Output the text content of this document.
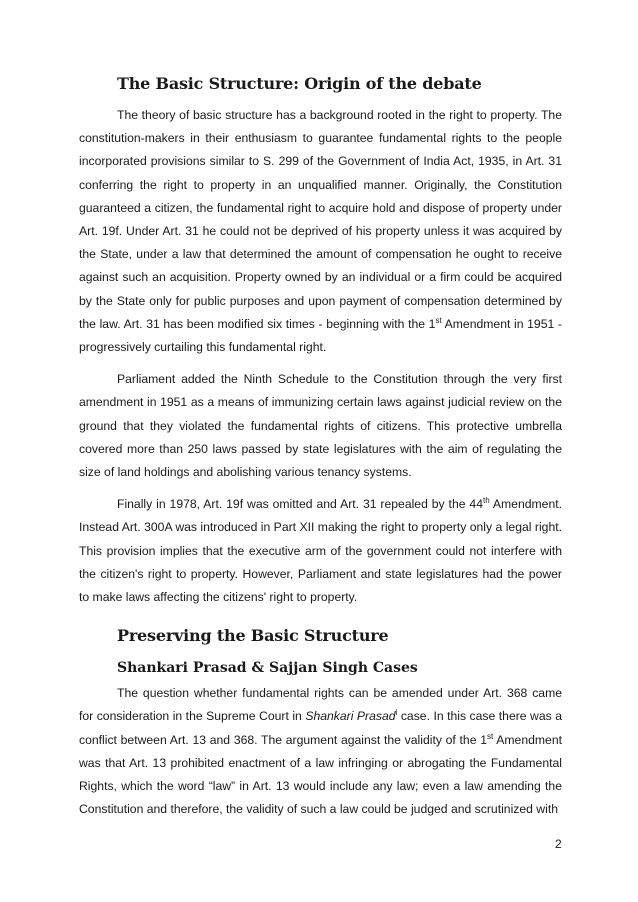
The Basic Structure: Origin of the debate

The theory of basic structure has a background rooted in the right to property. The constitution-makers in their enthusiasm to guarantee fundamental rights to the people incorporated provisions similar to S. 299 of the Government of India Act, 1935, in Art. 31 conferring the right to property in an unqualified manner. Originally, the Constitution guaranteed a citizen, the fundamental right to acquire hold and dispose of property under Art. 19f. Under Art. 31 he could not be deprived of his property unless it was acquired by the State, under a law that determined the amount of compensation he ought to receive against such an acquisition. Property owned by an individual or a firm could be acquired by the State only for public purposes and upon payment of compensation determined by the law. Art. 31 has been modified six times - beginning with the 1st Amendment in 1951 - progressively curtailing this fundamental right.

Parliament added the Ninth Schedule to the Constitution through the very first amendment in 1951 as a means of immunizing certain laws against judicial review on the ground that they violated the fundamental rights of citizens. This protective umbrella covered more than 250 laws passed by state legislatures with the aim of regulating the size of land holdings and abolishing various tenancy systems.

Finally in 1978, Art. 19f was omitted and Art. 31 repealed by the 44th Amendment. Instead Art. 300A was introduced in Part XII making the right to property only a legal right. This provision implies that the executive arm of the government could not interfere with the citizen's right to property. However, Parliament and state legislatures had the power to make laws affecting the citizens' right to property.

Preserving the Basic Structure
Shankari Prasad & Sajjan Singh Cases

The question whether fundamental rights can be amended under Art. 368 came for consideration in the Supreme Court in Shankari Prasad$^i$ case. In this case there was a conflict between Art. 13 and 368. The argument against the validity of the 1st Amendment was that Art. 13 prohibited enactment of a law infringing or abrogating the Fundamental Rights, which the word “law” in Art. 13 would include any law; even a law amending the Constitution and therefore, the validity of such a law could be judged and scrutinized with

2
